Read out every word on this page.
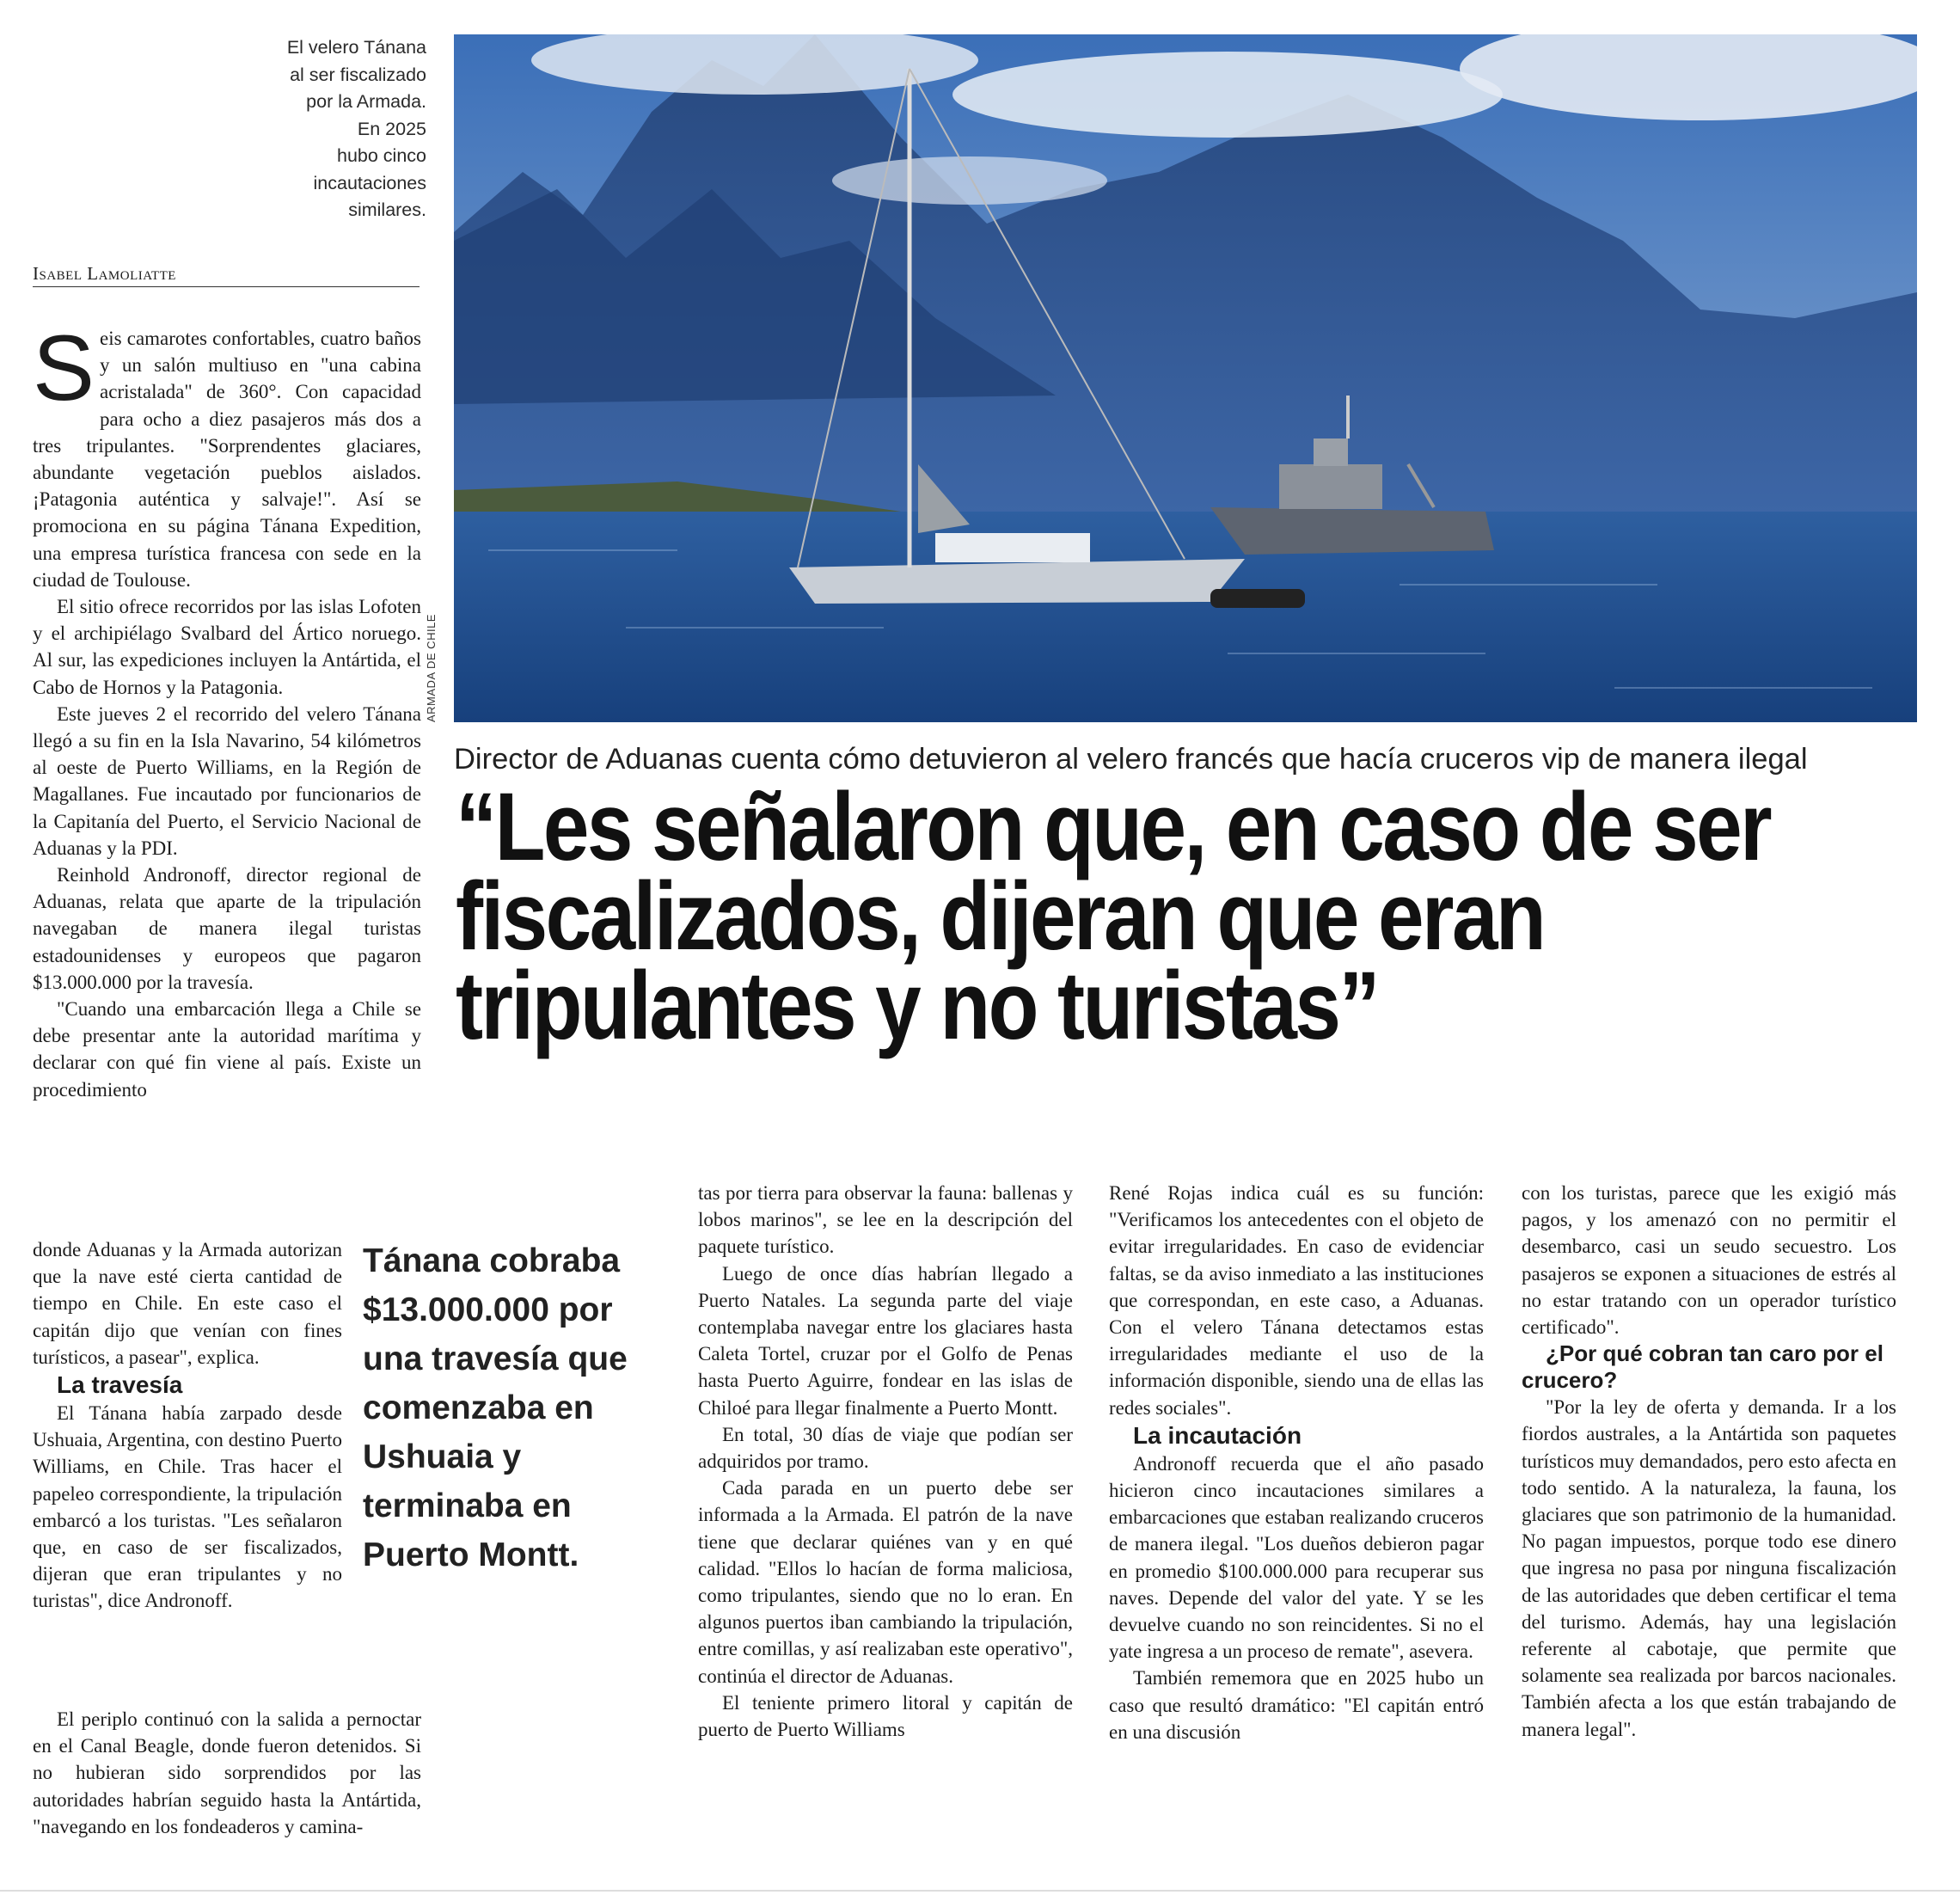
El velero Tánana
al ser fiscalizado
por la Armada.
En 2025
hubo cinco
incautaciones
similares.
Isabel Lamoliatte
ARMADA DE CHILE
Director de Aduanas cuenta cómo detuvieron al velero francés que hacía cruceros vip de manera ilegal
“Les señalaron que, en caso de ser fiscalizados, dijeran que eran tripulantes y no turistas”

Seis camarotes confortables, cuatro baños y un salón multiuso en "una cabina acristalada" de 360°. Con capacidad para ocho a diez pasajeros más dos a tres tripulantes. "Sorprendentes glaciares, abundante vegetación pueblos aislados. ¡Patagonia auténtica y salvaje!". Así se promociona en su página Tánana Expedition, una empresa turística francesa con sede en la ciudad de Toulouse.

El sitio ofrece recorridos por las islas Lofoten y el archipiélago Svalbard del Ártico noruego. Al sur, las expediciones incluyen la Antártida, el Cabo de Hornos y la Patagonia.

Este jueves 2 el recorrido del velero Tánana llegó a su fin en la Isla Navarino, 54 kilómetros al oeste de Puerto Williams, en la Región de Magallanes. Fue incautado por funcionarios de la Capitanía del Puerto, el Servicio Nacional de Aduanas y la PDI.

Reinhold Andronoff, director regional de Aduanas, relata que aparte de la tripulación navegaban de manera ilegal turistas estadounidenses y europeos que pagaron $13.000.000 por la travesía.

"Cuando una embarcación llega a Chile se debe presentar ante la autoridad marítima y declarar con qué fin viene al país. Existe un procedimiento

donde Aduanas y la Armada autorizan que la nave esté cierta cantidad de tiempo en Chile. En este caso el capitán dijo que venían con fines turísticos, a pasear", explica.

La travesía

El Tánana había zarpado desde Ushuaia, Argentina, con destino Puerto Williams, en Chile. Tras hacer el papeleo correspondiente, la tripulación embarcó a los turistas. "Les señalaron que, en caso de ser fiscalizados, dijeran que eran tripulantes y no turistas", dice Andronoff.

El periplo continuó con la salida a pernoctar en el Canal Beagle, donde fueron detenidos. Si no hubieran sido sorprendidos por las autoridades habrían seguido hasta la Antártida, "navegando en los fondeaderos y camina-

Tánana cobraba $13.000.000 por una travesía que comenzaba en Ushuaia y terminaba en Puerto Montt.

tas por tierra para observar la fauna: ballenas y lobos marinos", se lee en la descripción del paquete turístico.

Luego de once días habrían llegado a Puerto Natales. La segunda parte del viaje contemplaba navegar entre los glaciares hasta Caleta Tortel, cruzar por el Golfo de Penas hasta Puerto Aguirre, fondear en las islas de Chiloé para llegar finalmente a Puerto Montt.

En total, 30 días de viaje que podían ser adquiridos por tramo.

Cada parada en un puerto debe ser informada a la Armada. El patrón de la nave tiene que declarar quiénes van y en qué calidad. "Ellos lo hacían de forma maliciosa, como tripulantes, siendo que no lo eran. En algunos puertos iban cambiando la tripulación, entre comillas, y así realizaban este operativo", continúa el director de Aduanas.

El teniente primero litoral y capitán de puerto de Puerto Williams

René Rojas indica cuál es su función: "Verificamos los antecedentes con el objeto de evitar irregularidades. En caso de evidenciar faltas, se da aviso inmediato a las instituciones que correspondan, en este caso, a Aduanas. Con el velero Tánana detectamos estas irregularidades mediante el uso de la información disponible, siendo una de ellas las redes sociales".

La incautación

Andronoff recuerda que el año pasado hicieron cinco incautaciones similares a embarcaciones que estaban realizando cruceros de manera ilegal. "Los dueños debieron pagar en promedio $100.000.000 para recuperar sus naves. Depende del valor del yate. Y se les devuelve cuando no son reincidentes. Si no el yate ingresa a un proceso de remate", asevera.

También rememora que en 2025 hubo un caso que resultó dramático: "El capitán entró en una discusión

con los turistas, parece que les exigió más pagos, y los amenazó con no permitir el desembarco, casi un seudo secuestro. Los pasajeros se exponen a situaciones de estrés al no estar tratando con un operador turístico certificado".

¿Por qué cobran tan caro por el crucero?

"Por la ley de oferta y demanda. Ir a los fiordos australes, a la Antártida son paquetes turísticos muy demandados, pero esto afecta en todo sentido. A la naturaleza, la fauna, los glaciares que son patrimonio de la humanidad. No pagan impuestos, porque todo ese dinero que ingresa no pasa por ninguna fiscalización de las autoridades que deben certificar el tema del turismo. Además, hay una legislación referente al cabotaje, que permite que solamente sea realizada por barcos nacionales. También afecta a los que están trabajando de manera legal".
